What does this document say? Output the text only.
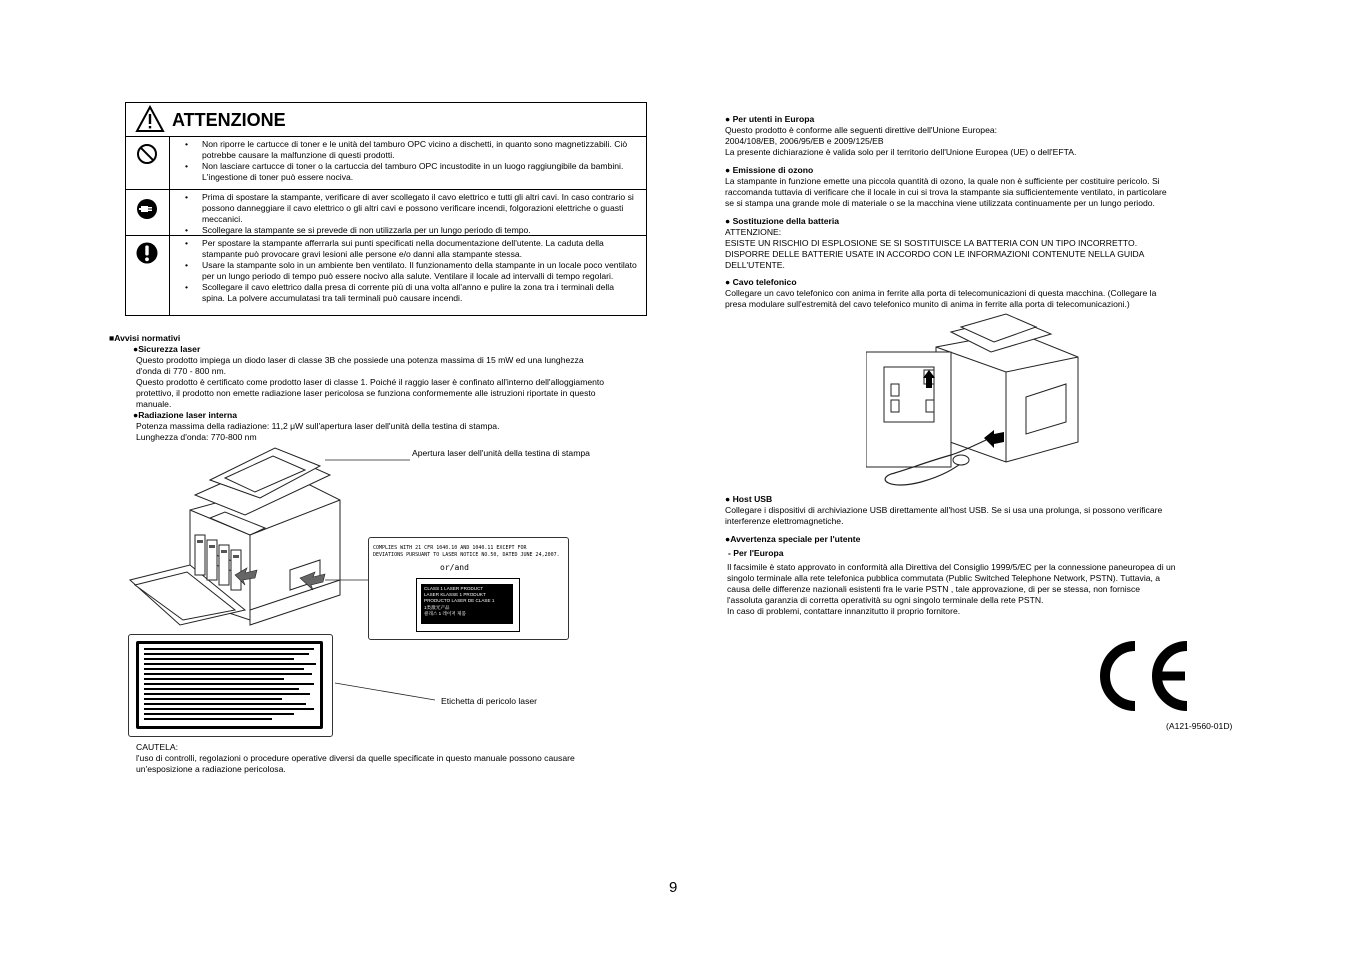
ATTENZIONE
• Non riporre le cartucce di toner e le unità del tamburo OPC vicino a dischetti, in quanto sono magnetizzabili. Ciò potrebbe causare la malfunzione di questi prodotti.
• Non lasciare cartucce di toner o la cartuccia del tamburo OPC incustodite in un luogo raggiungibile da bambini. L'ingestione di toner può essere nociva.
• Prima di spostare la stampante, verificare di aver scollegato il cavo elettrico e tutti gli altri cavi. In caso contrario si possono danneggiare il cavo elettrico o gli altri cavi e possono verificare incendi, folgorazioni elettriche o guasti meccanici.
• Scollegare la stampante se si prevede di non utilizzarla per un lungo periodo di tempo.
• Per spostare la stampante afferrarla sui punti specificati nella documentazione dell'utente. La caduta della stampante può provocare gravi lesioni alle persone e/o danni alla stampante stessa.
• Usare la stampante solo in un ambiente ben ventilato. Il funzionamento della stampante in un locale poco ventilato per un lungo periodo di tempo può essere nocivo alla salute. Ventilare il locale ad intervalli di tempo regolari.
• Scollegare il cavo elettrico dalla presa di corrente più di una volta all'anno e pulire la zona tra i terminali della spina. La polvere accumulatasi tra tali terminali può causare incendi.

■Avvisi normativi

●Sicurezza laser

Questo prodotto impiega un diodo laser di classe 3B che possiede una potenza massima di 15 mW ed una lunghezza

d'onda di 770 - 800 nm.

Questo prodotto è certificato come prodotto laser di classe 1. Poiché il raggio laser è confinato all'interno dell'alloggiamento

protettivo, il prodotto non emette radiazione laser pericolosa se funziona conformemente alle istruzioni riportate in questo

manuale.

●Radiazione laser interna

Potenza massima della radiazione: 11,2 μW sull'apertura laser dell'unità della testina di stampa.

Lunghezza d'onda: 770-800 nm

Apertura laser dell'unità della testina di stampa
Etichetta di pericolo laser
COMPLIES WITH 21 CFR 1040.10 AND 1040.11 EXCEPT FOR
DEVIATIONS PURSUANT TO LASER NOTICE NO.50, DATED JUNE 24,2007.
or/and
CLASS 1 LASER PRODUCT
LASER KLASSE 1 PRODUKT
PRODUCTO LASER DE CLASE 1
1类激光产品
클래스 1 레이저 제품

CAUTELA:

l'uso di controlli, regolazioni o procedure operative diversi da quelle specificate in questo manuale possono causare

un'esposizione a radiazione pericolosa.

● Per utenti in Europa

Questo prodotto è conforme alle seguenti direttive dell'Unione Europea:

2004/108/EB, 2006/95/EB e 2009/125/EB

La presente dichiarazione è valida solo per il territorio dell'Unione Europea (UE) o dell'EFTA.

● Emissione di ozono

La stampante in funzione emette una piccola quantità di ozono, la quale non è sufficiente per costituire pericolo. Si

raccomanda tuttavia di verificare che il locale in cui si trova la stampante sia sufficientemente ventilato, in particolare

se si stampa una grande mole di materiale o se la macchina viene utilizzata continuamente per un lungo periodo.

● Sostituzione della batteria

ATTENZIONE:

ESISTE UN RISCHIO DI ESPLOSIONE SE SI SOSTITUISCE LA BATTERIA CON UN TIPO INCORRETTO.

DISPORRE DELLE BATTERIE USATE IN ACCORDO CON LE INFORMAZIONI CONTENUTE NELLA GUIDA

DELL'UTENTE.

● Cavo telefonico

Collegare un cavo telefonico con anima in ferrite alla porta di telecomunicazioni di questa macchina. (Collegare la

presa modulare sull'estremità del cavo telefonico munito di anima in ferrite alla porta di telecomunicazioni.)

● Host USB

Collegare i dispositivi di archiviazione USB direttamente all'host USB. Se si usa una prolunga, si possono verificare

interferenze elettromagnetiche.

●Avvertenza speciale per l'utente

- Per l'Europa

Il facsimile è stato approvato in conformità alla Direttiva del Consiglio 1999/5/EC per la connessione paneuropea di un

singolo terminale alla rete telefonica pubblica commutata (Public Switched Telephone Network, PSTN). Tuttavia, a

causa delle differenze nazionali esistenti fra le varie PSTN , tale approvazione, di per se stessa, non fornisce

l'assoluta garanzia di corretta operatività su ogni singolo terminale della rete PSTN.

In caso di problemi, contattare innanzitutto il proprio fornitore.

(A121-9560-01D)
9
